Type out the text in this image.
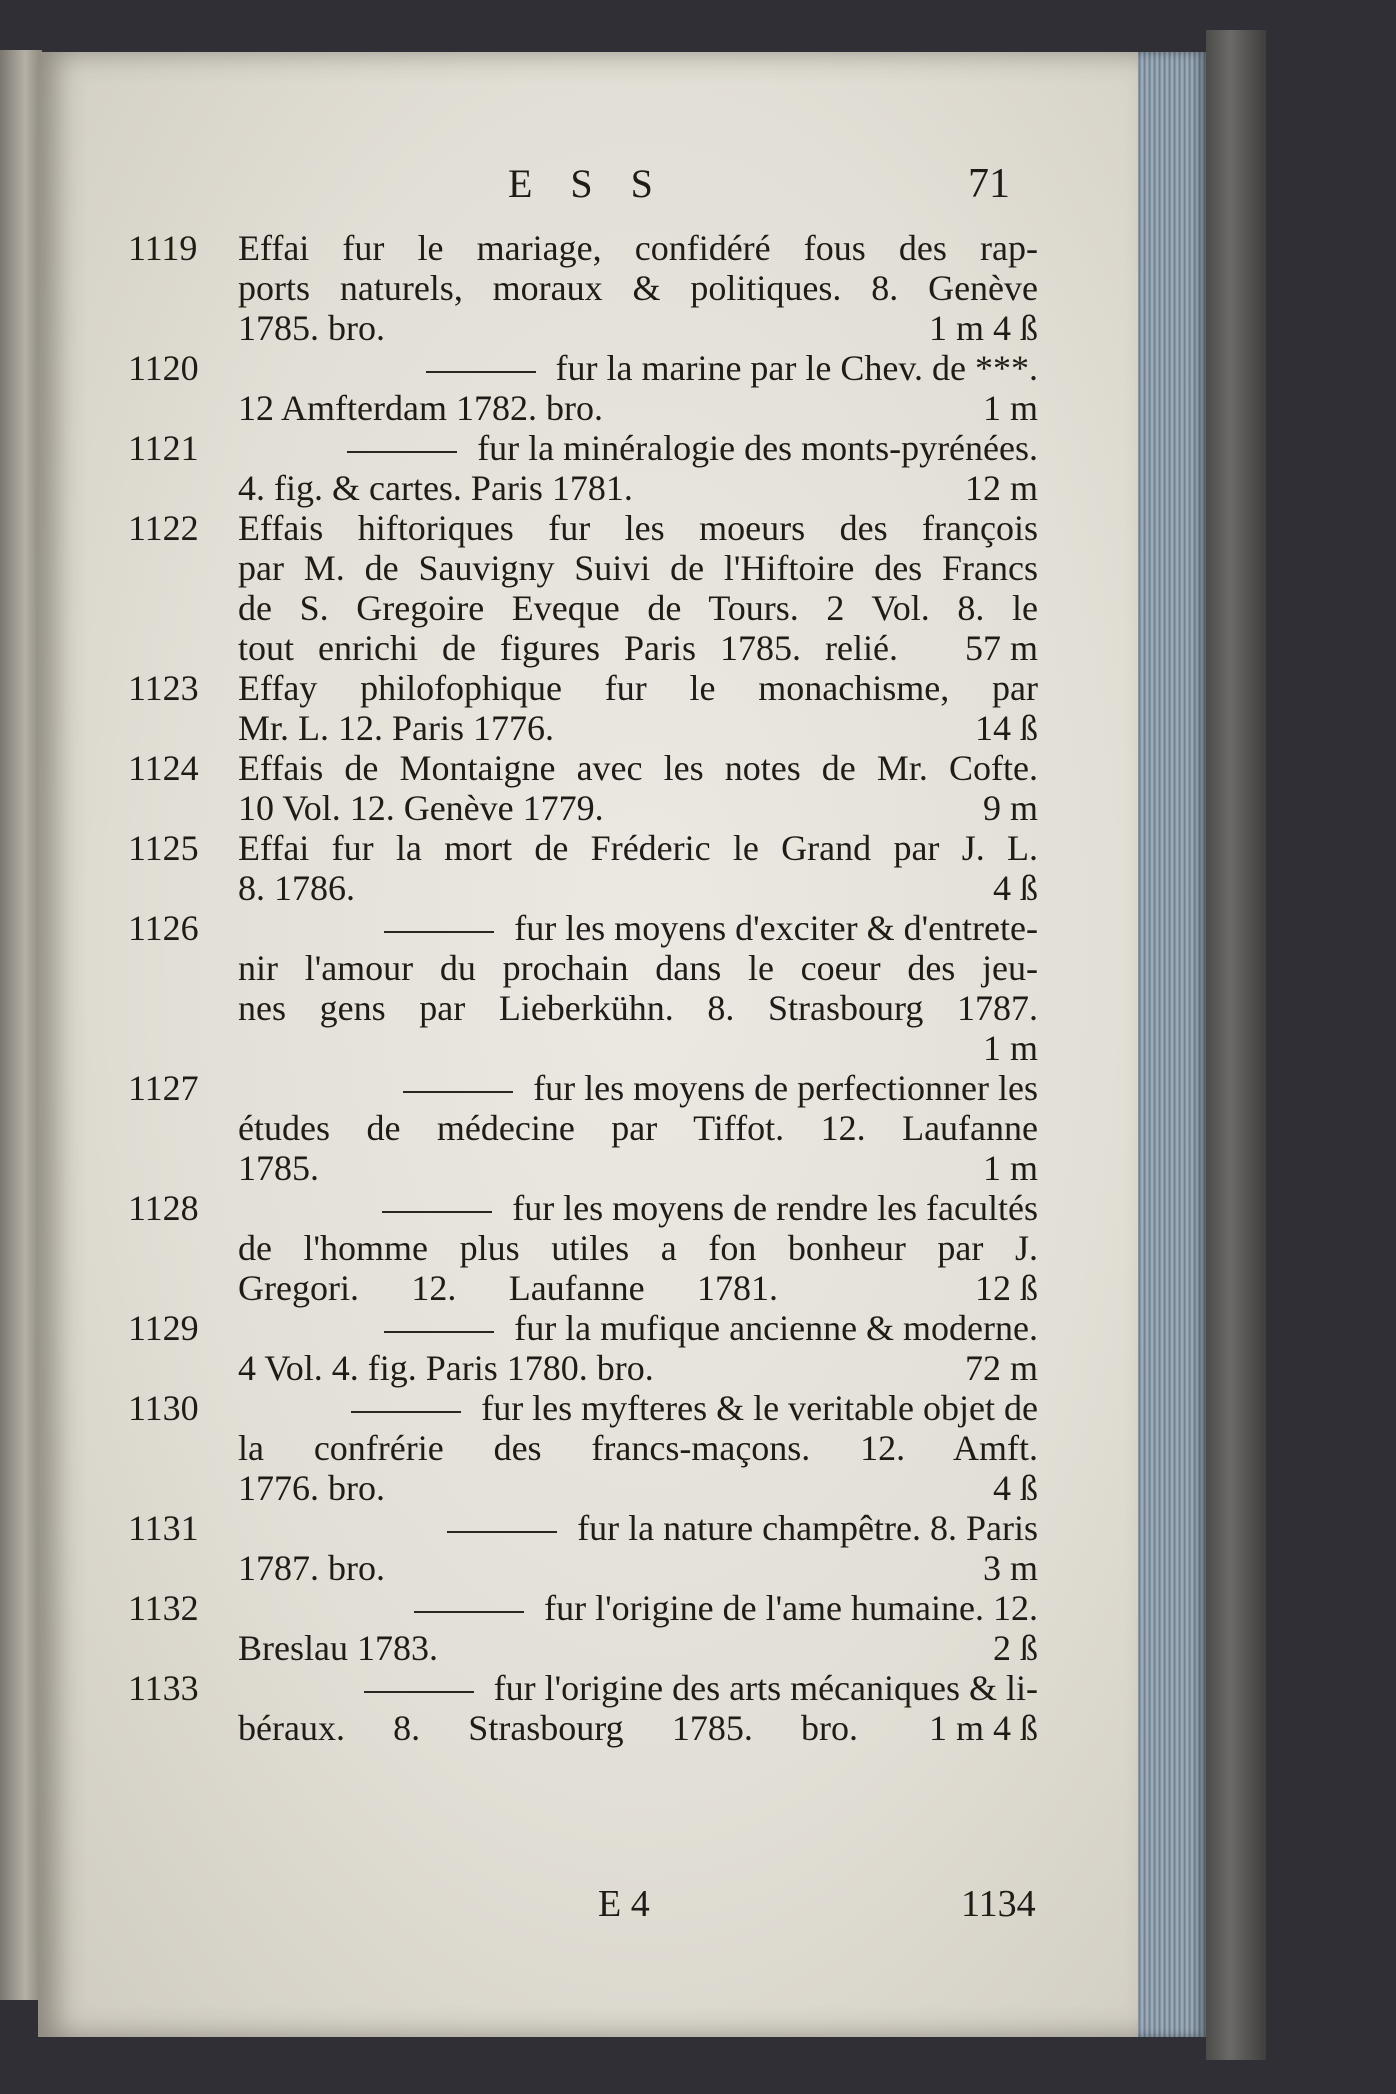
E S S	71
1119	Effai fur le mariage, confidéré fous des rap-
ports naturels, moraux & politiques. 8. Genève
1785. bro.	1 m 4 ß
1120	fur la marine par le Chev. de ***.
12 Amfterdam 1782. bro.	1 m
1121	fur la minéralogie des monts-pyrénées.
4. fig. & cartes. Paris 1781.	12 m
1122	Effais hiftoriques fur les moeurs des françois
par M. de Sauvigny Suivi de l'Hiftoire des Francs
de S. Gregoire Eveque de Tours. 2 Vol. 8. le
tout enrichi de figures Paris 1785. relié. 57 m
1123	Effay philofophique fur le monachisme, par
Mr. L. 12. Paris 1776.	14 ß
1124	Effais de Montaigne avec les notes de Mr. Cofte.
10 Vol. 12. Genève 1779.	9 m
1125	Effai fur la mort de Fréderic le Grand par J. L.
8. 1786.	4 ß
1126	fur les moyens d'exciter & d'entrete-
nir l'amour du prochain dans le coeur des jeu-
nes gens par Lieberkühn. 8. Strasbourg 1787.
1 m
1127	fur les moyens de perfectionner les
études de médecine par Tiffot. 12. Laufanne
1785.	1 m
1128	fur les moyens de rendre les facultés
de l'homme plus utiles a fon bonheur par J.
Gregori. 12. Laufanne 1781.	12 ß
1129	fur la mufique ancienne & moderne.
4 Vol. 4. fig. Paris 1780. bro.	72 m
1130	fur les myfteres & le veritable objet de
la confrérie des francs-maçons. 12. Amft.
1776. bro.	4 ß
1131	fur la nature champêtre. 8. Paris
1787. bro.	3 m
1132	fur l'origine de l'ame humaine. 12.
Breslau 1783.	2 ß
1133	fur l'origine des arts mécaniques & li-
béraux. 8. Strasbourg 1785. bro. 1 m 4 ß
E 4	1134
